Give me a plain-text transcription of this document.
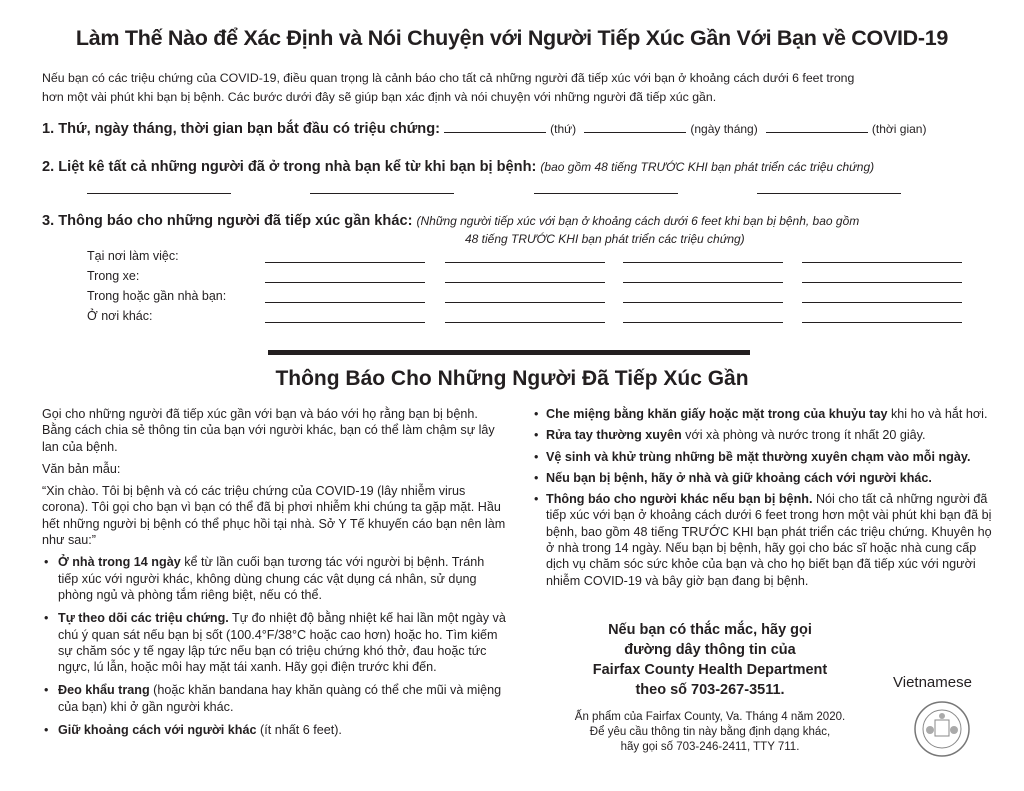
Làm Thế Nào để Xác Định và Nói Chuyện với Người Tiếp Xúc Gần Với Bạn về COVID-19
Nếu bạn có các triệu chứng của COVID-19, điều quan trọng là cảnh báo cho tất cả những người đã tiếp xúc với bạn ở khoảng cách dưới 6 feet trong
hơn một vài phút khi bạn bị bệnh. Các bước dưới đây sẽ giúp bạn xác định và nói chuyện với những người đã tiếp xúc gần.
1. Thứ, ngày tháng, thời gian bạn bắt đầu có triệu chứng:	(thứ)	(ngày tháng)	(thời gian)
2. Liệt kê tất cả những người đã ở trong nhà bạn kể từ khi bạn bị bệnh: (bao gồm 48 tiếng TRƯỚC KHI bạn phát triển các triệu chứng)
3. Thông báo cho những người đã tiếp xúc gần khác: (Những người tiếp xúc với bạn ở khoảng cách dưới 6 feet khi bạn bị bệnh, bao gồm
48 tiếng TRƯỚC KHI bạn phát triển các triệu chứng)
Tại nơi làm việc:
Trong xe:
Trong hoặc gần nhà bạn:
Ở nơi khác:
Thông Báo Cho Những Người Đã Tiếp Xúc Gần

Gọi cho những người đã tiếp xúc gần với bạn và báo với họ rằng bạn bị bệnh. Bằng cách chia sẻ thông tin của bạn với người khác, bạn có thể làm chậm sự lây lan của bệnh.

Văn bản mẫu:

“Xin chào. Tôi bị bệnh và có các triệu chứng của COVID-19 (lây nhiễm virus corona). Tôi gọi cho bạn vì bạn có thể đã bị phơi nhiễm khi chúng ta gặp mặt. Hầu hết những người bị bệnh có thể phục hồi tại nhà. Sở Y Tế khuyến cáo bạn nên làm như sau:”

• Ở nhà trong 14 ngày kể từ lần cuối bạn tương tác với người bị bệnh. Tránh tiếp xúc với người khác, không dùng chung các vật dụng cá nhân, sử dụng phòng ngủ và phòng tắm riêng biệt, nếu có thể.
• Tự theo dõi các triệu chứng. Tự đo nhiệt độ bằng nhiệt kế hai lần một ngày và chú ý quan sát nếu bạn bị sốt (100.4°F/38°C hoặc cao hơn) hoặc ho. Tìm kiếm sự chăm sóc y tế ngay lập tức nếu bạn có triệu chứng khó thở, đau hoặc tức ngực, lú lẫn, hoặc môi hay mặt tái xanh. Hãy gọi điện trước khi đến.
• Đeo khẩu trang (hoặc khăn bandana hay khăn quàng có thể che mũi và miệng của bạn) khi ở gần người khác.
• Giữ khoảng cách với người khác (ít nhất 6 feet).
• Che miệng bằng khăn giấy hoặc mặt trong của khuỷu tay khi ho và hắt hơi.
• Rửa tay thường xuyên với xà phòng và nước trong ít nhất 20 giây.
• Vệ sinh và khử trùng những bề mặt thường xuyên chạm vào mỗi ngày.
• Nếu bạn bị bệnh, hãy ở nhà và giữ khoảng cách với người khác.
• Thông báo cho người khác nếu bạn bị bệnh. Nói cho tất cả những người đã tiếp xúc với bạn ở khoảng cách dưới 6 feet trong hơn một vài phút khi bạn đã bị bệnh, bao gồm 48 tiếng TRƯỚC KHI bạn phát triển các triệu chứng. Khuyên họ ở nhà trong 14 ngày. Nếu bạn bị bệnh, hãy gọi cho bác sĩ hoặc nhà cung cấp dịch vụ chăm sóc sức khỏe của bạn và cho họ biết bạn đã tiếp xúc với người nhiễm COVID-19 và bây giờ bạn đang bị bệnh.
Nếu bạn có thắc mắc, hãy gọi
đường dây thông tin của
Fairfax County Health Department
theo số 703-267-3511.	Vietnamese
Ấn phẩm của Fairfax County, Va. Tháng 4 năm 2020.
Để yêu cầu thông tin này bằng định dạng khác,
hãy gọi số 703-246-2411, TTY 711.
